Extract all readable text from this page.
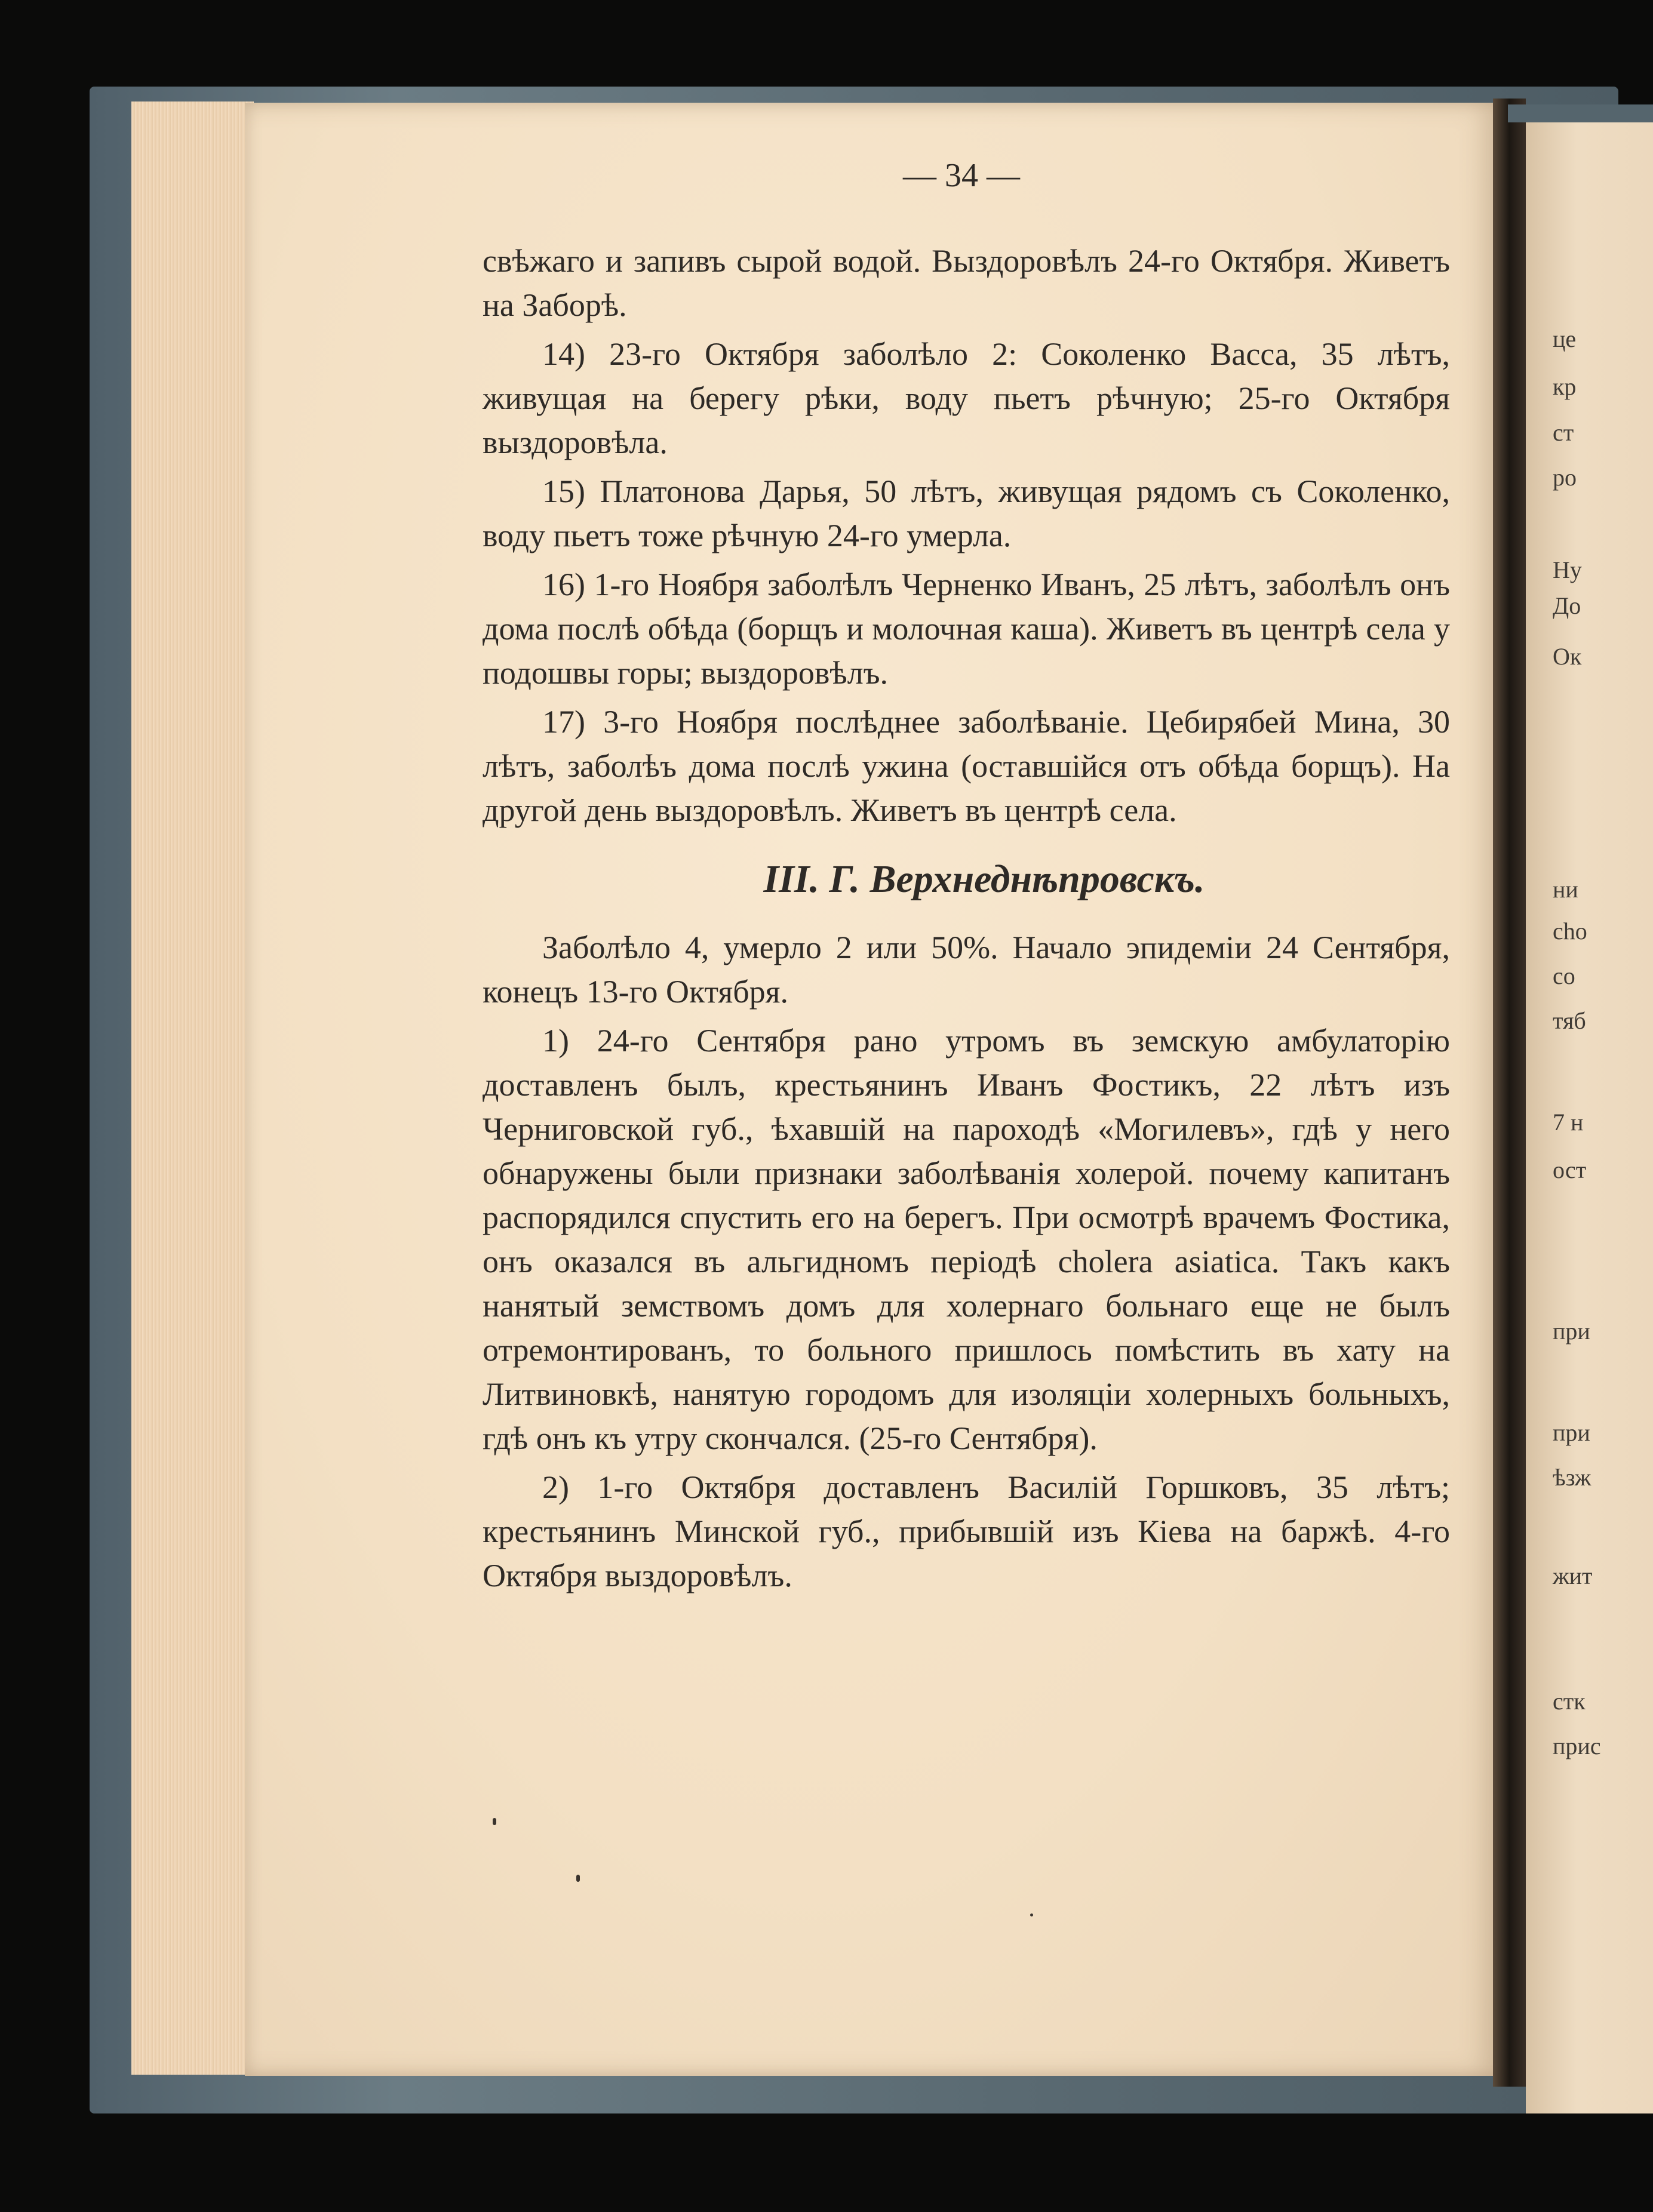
це

кр

ст

ро

Ну

До

Ок

ни

cho

со

тяб

7 н

ост

при

при

ѣзж

жит

стк

прис

— 34 —

свѣжаго и запивъ сырой водой. Выздоровѣлъ 24-го Октября. Живетъ на Заборѣ.

14) 23-го Октября заболѣло 2: Соколенко Васса, 35 лѣтъ, живущая на берегу рѣки, воду пьетъ рѣчную; 25-го Октября выздоровѣла.

15) Платонова Дарья, 50 лѣтъ, живущая рядомъ съ Соколенко, воду пьетъ тоже рѣчную 24-го умерла.

16) 1-го Ноября заболѣлъ Черненко Иванъ, 25 лѣтъ, заболѣлъ онъ дома послѣ обѣда (борщъ и молочная каша). Живетъ въ центрѣ села у подошвы горы; выздоровѣлъ.

17) 3-го Ноября послѣднее заболѣваніе. Цебирябей Мина, 30 лѣтъ, заболѣъ дома послѣ ужина (оставшійся отъ обѣда борщъ). На другой день выздоровѣлъ. Живетъ въ центрѣ села.

III. Г. Верхнеднѣпровскъ.

Заболѣло 4, умерло 2 или 50%. Начало эпидеміи 24 Сентября, конецъ 13-го Октября.

1) 24-го Сентября рано утромъ въ земскую амбулаторію доставленъ былъ, крестьянинъ Иванъ Фостикъ, 22 лѣтъ изъ Черниговской губ., ѣхавшій на пароходѣ «Могилевъ», гдѣ у него обнаружены были признаки заболѣванія холерой. почему капитанъ распорядился спустить его на берегъ. При осмотрѣ врачемъ Фостика, онъ оказался въ альгидномъ періодѣ cholera asiatica. Такъ какъ нанятый земствомъ домъ для холернаго больнаго еще не былъ отремонтированъ, то больного пришлось помѣстить въ хату на Литвиновкѣ, нанятую городомъ для изоляціи холерныхъ больныхъ, гдѣ онъ къ утру скончался. (25-го Сентября).

2) 1-го Октября доставленъ Василій Горшковъ, 35 лѣтъ; крестьянинъ Минской губ., прибывшій изъ Кіева на баржѣ. 4-го Октября выздоровѣлъ.
